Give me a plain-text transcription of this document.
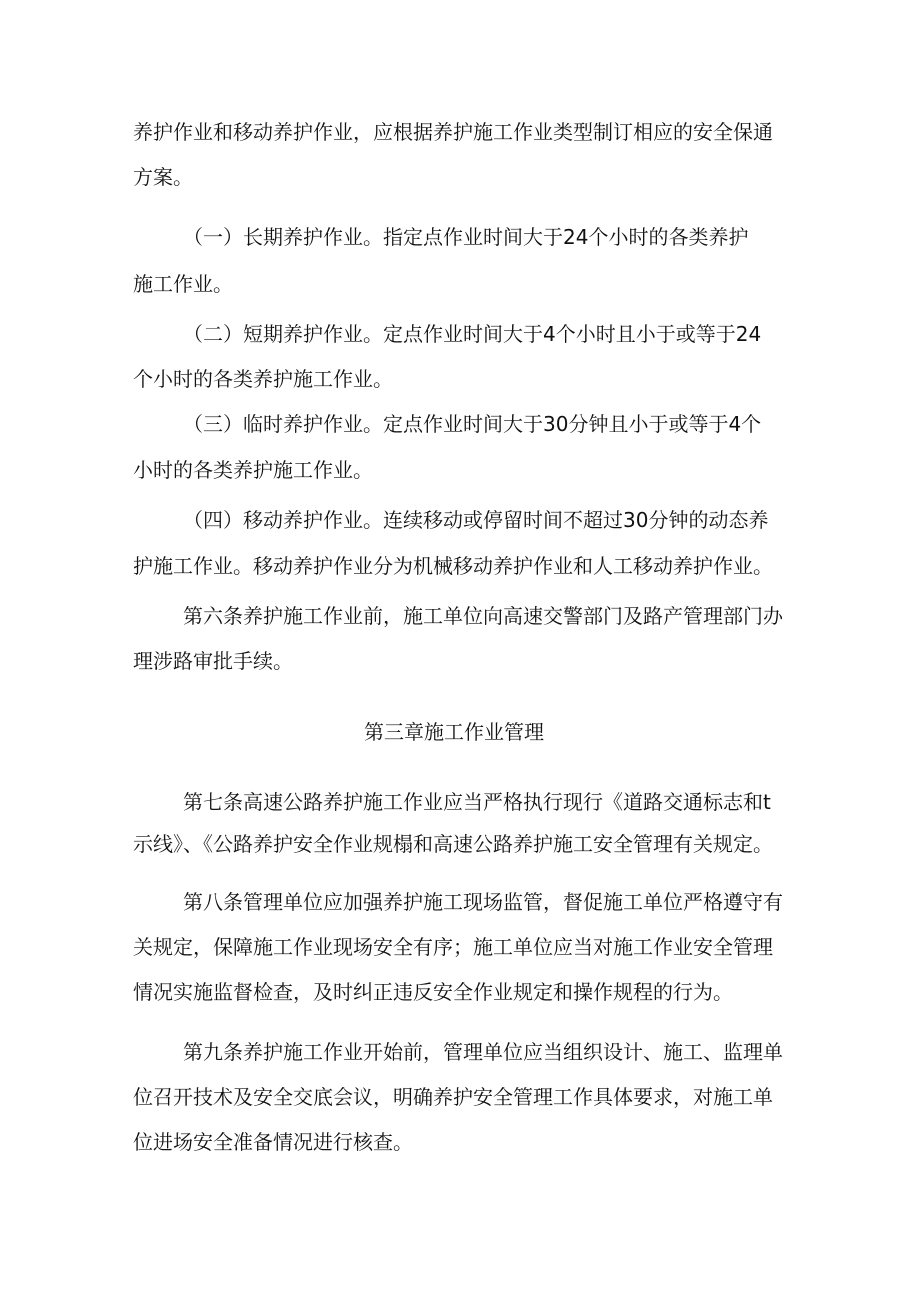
养护作业和移动养护作业，应根据养护施工作业类型制订相应的安全保通
方案。
（一）长期养护作业。指定点作业时间大于24个小时的各类养护
施工作业。
（二）短期养护作业。定点作业时间大于4个小时且小于或等于24
个小时的各类养护施工作业。
（三）临时养护作业。定点作业时间大于30分钟且小于或等于4个
小时的各类养护施工作业。
（四）移动养护作业。连续移动或停留时间不超过30分钟的动态养
护施工作业。移动养护作业分为机械移动养护作业和人工移动养护作业。
第六条养护施工作业前，施工单位向高速交警部门及路产管理部门办
理涉路审批手续。
第三章施工作业管理
第七条高速公路养护施工作业应当严格执行现行《道路交通标志和t
示线》、《公路养护安全作业规榻和高速公路养护施工安全管理有关规定。
第八条管理单位应加强养护施工现场监管，督促施工单位严格遵守有
关规定，保障施工作业现场安全有序；施工单位应当对施工作业安全管理
情况实施监督检查，及时纠正违反安全作业规定和操作规程的行为。
第九条养护施工作业开始前，管理单位应当组织设计、施工、监理单
位召开技术及安全交底会议，明确养护安全管理工作具体要求，对施工单
位进场安全准备情况进行核查。
